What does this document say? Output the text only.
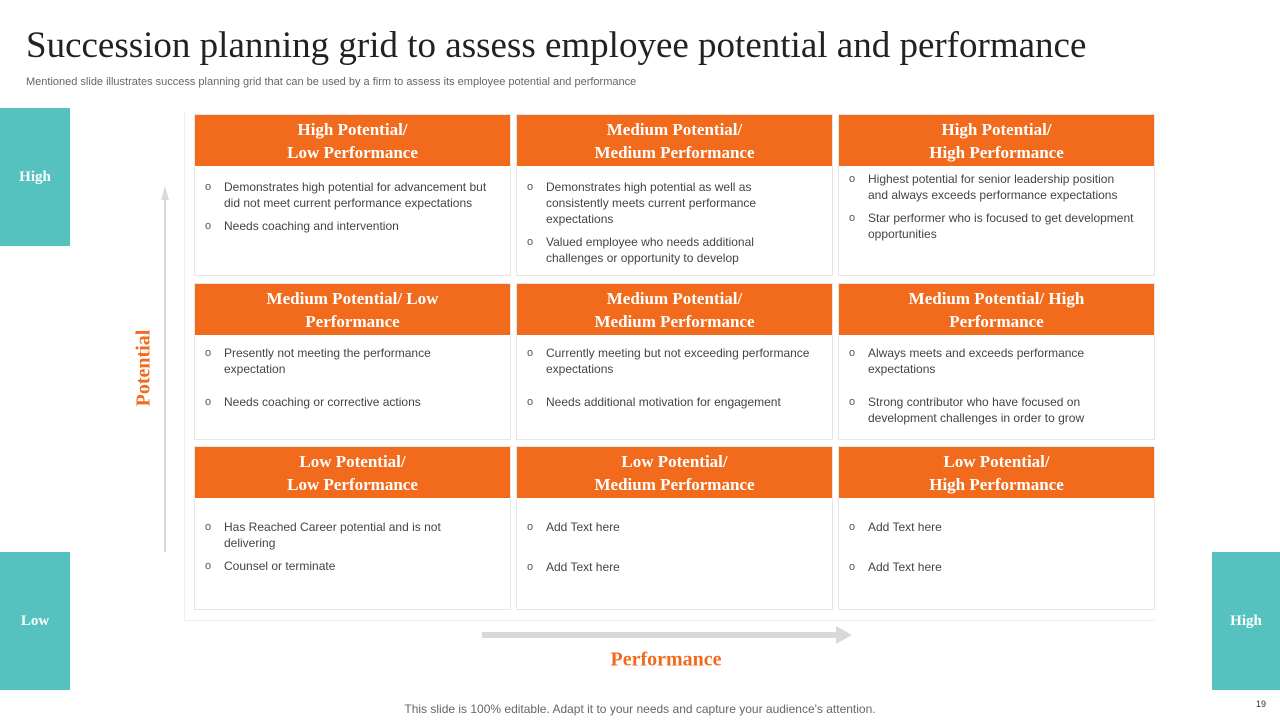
Succession planning grid to assess employee potential and performance
Mentioned slide illustrates success planning grid that can be used by a firm to assess its employee potential and performance
High
Low	High
High Potential/
Low Performance
o	Demonstrates high potential for advancement but did not meet current performance expectations
o	Needs coaching and intervention
Medium Potential/
Medium Performance
o	Demonstrates high potential as well as consistently meets current performance expectations
o	Valued employee who needs additional challenges or opportunity to develop
High Potential/
High Performance
o	Highest potential for senior leadership position and always exceeds performance expectations
o	Star performer who is focused to get development opportunities
Medium Potential/ Low
Performance
o	Presently not meeting the performance expectation
o	Needs coaching or corrective actions
Medium Potential/
Medium Performance
o	Currently meeting but not exceeding performance expectations
o	Needs additional motivation for engagement
Medium Potential/ High
Performance
o	Always meets and exceeds performance expectations
o	Strong contributor who have focused on development challenges in order to grow
Low Potential/
Low Performance
o	Has Reached Career potential and is not delivering
o	Counsel or terminate
Low Potential/
Medium Performance
o	Add Text here
o	Add Text here
Low Potential/
High Performance
o	Add Text here
o	Add Text here
Potential
Performance
This slide is 100% editable. Adapt it to your needs and capture your audience's attention.	19
